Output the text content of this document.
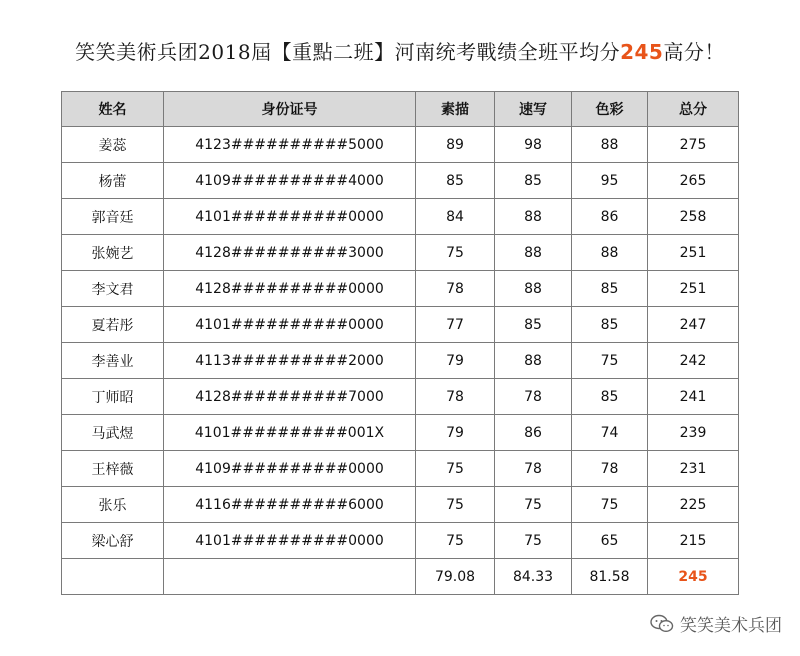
笑笑美術兵团2018屆【重點二班】河南统考戰绩全班平均分245高分！
姓名	身份证号	素描	速写	色彩	总分
姜蕊	4123##########5000	89	98	88	275
杨蕾	4109##########4000	85	85	95	265
郭音廷	4101##########0000	84	88	86	258
张婉艺	4128##########3000	75	88	88	251
李文君	4128##########0000	78	88	85	251
夏若彤	4101##########0000	77	85	85	247
李善业	4113##########2000	79	88	75	242
丁师昭	4128##########7000	78	78	85	241
马武煜	4101##########001X	79	86	74	239
王梓薇	4109##########0000	75	78	78	231
张乐	4116##########6000	75	75	75	225
梁心舒	4101##########0000	75	75	65	215
		79.08	84.33	81.58	245
笑笑美术兵团
